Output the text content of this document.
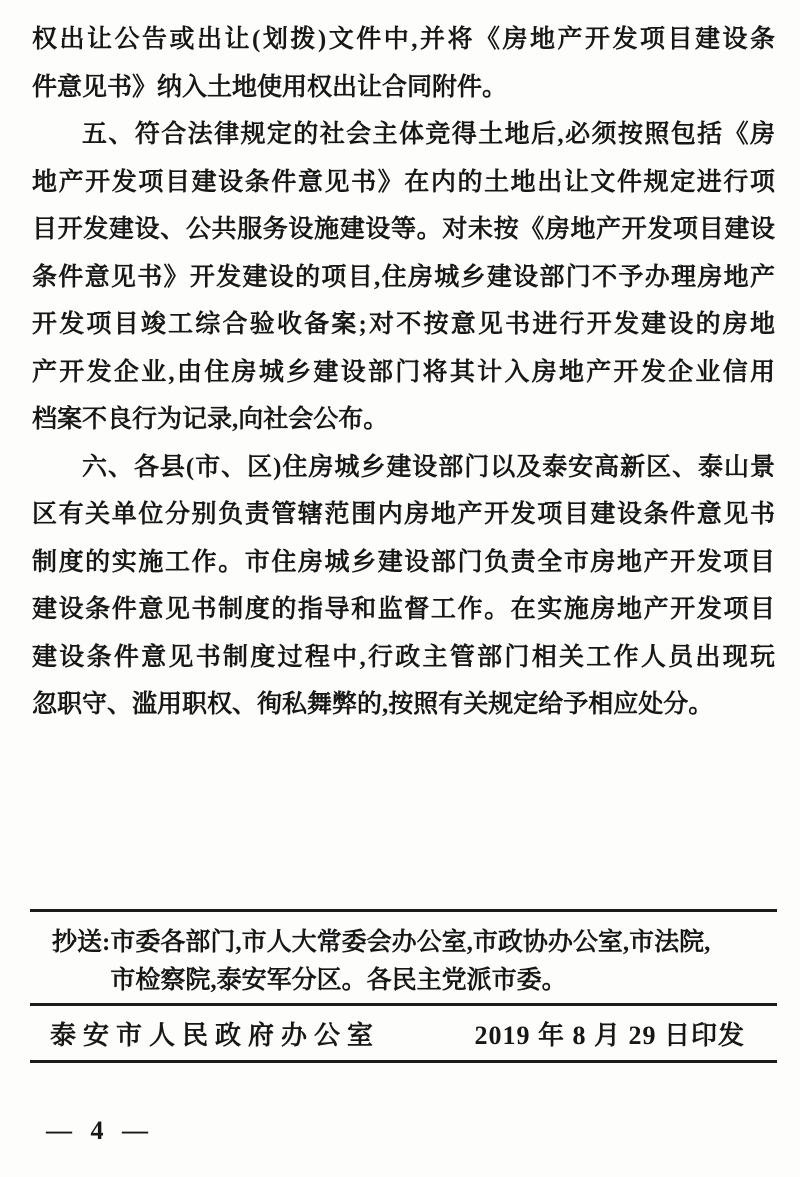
权出让公告或出让(划拨)文件中,并将《房地产开发项目建设条
件意见书》纳入土地使用权出让合同附件。
五、符合法律规定的社会主体竞得土地后,必须按照包括《房
地产开发项目建设条件意见书》在内的土地出让文件规定进行项
目开发建设、公共服务设施建设等。对未按《房地产开发项目建设
条件意见书》开发建设的项目,住房城乡建设部门不予办理房地产
开发项目竣工综合验收备案;对不按意见书进行开发建设的房地
产开发企业,由住房城乡建设部门将其计入房地产开发企业信用
档案不良行为记录,向社会公布。
六、各县(市、区)住房城乡建设部门以及泰安高新区、泰山景
区有关单位分别负责管辖范围内房地产开发项目建设条件意见书
制度的实施工作。市住房城乡建设部门负责全市房地产开发项目
建设条件意见书制度的指导和监督工作。在实施房地产开发项目
建设条件意见书制度过程中,行政主管部门相关工作人员出现玩
忽职守、滥用职权、徇私舞弊的,按照有关规定给予相应处分。
抄送: 市委各部门,市人大常委会办公室,市政协办公室,市法院,
市检察院,泰安军分区。各民主党派市委。
泰安市人民政府办公室	2019 年 8 月 29 日印发
— 4 —
